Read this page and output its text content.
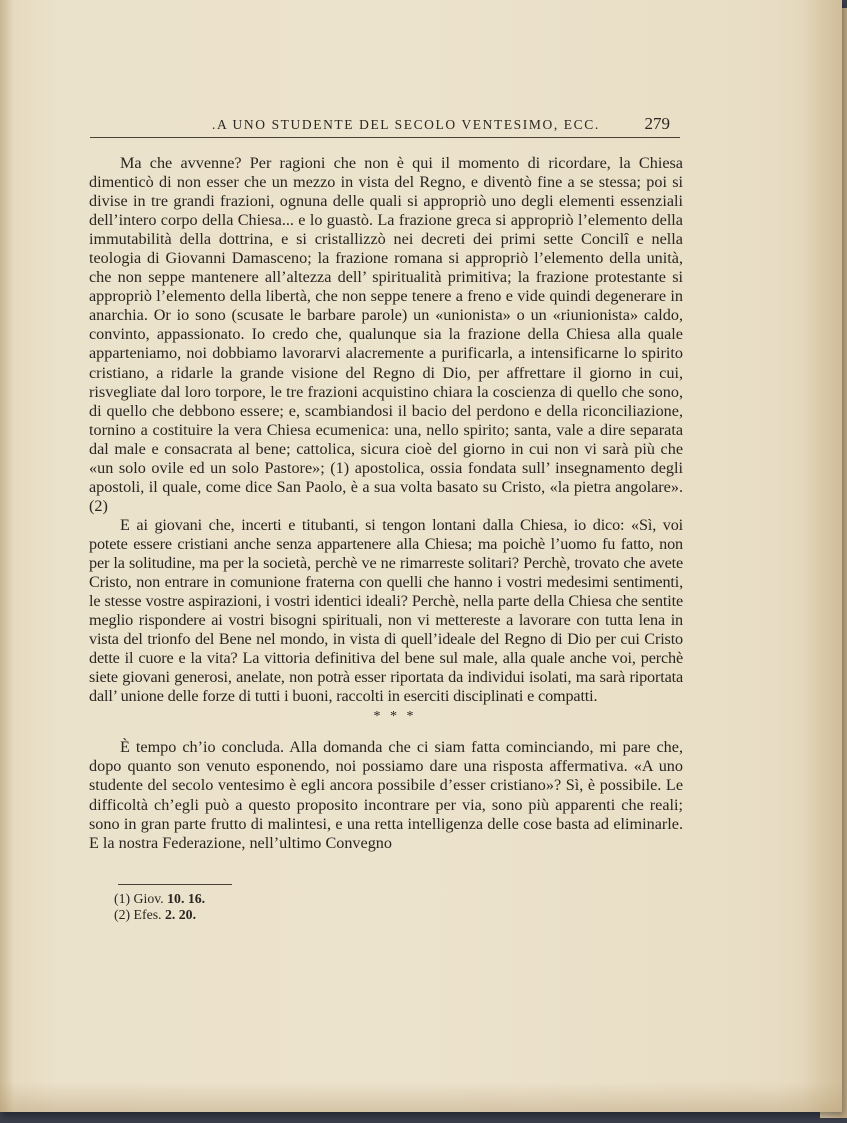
.A UNO STUDENTE DEL SECOLO VENTESIMO, ECC.	279

Ma che avvenne? Per ragioni che non è qui il momento di ricordare, la Chiesa dimenticò di non esser che un mezzo in vista del Regno, e diventò fine a se stessa; poi si divise in tre grandi frazioni, ognuna delle quali si appropriò uno degli elementi essenziali dell’intero corpo della Chiesa... e lo guastò. La frazione greca si appropriò l’elemento della immutabilità della dottrina, e si cristallizzò nei decreti dei primi sette Concilî e nella teologia di Giovanni Damasceno; la frazione romana si appropriò l’elemento della unità, che non seppe mantenere all’altezza dell’ spiritualità primitiva; la frazione protestante si appropriò l’elemento della libertà, che non seppe tenere a freno e vide quindi degenerare in anarchia. Or io sono (scusate le barbare parole) un «unionista» o un «riunionista» caldo, convinto, appassionato. Io credo che, qualunque sia la frazione della Chiesa alla quale apparteniamo, noi dobbiamo lavorarvi alacremente a purificarla, a intensificarne lo spirito cristiano, a ridarle la grande visione del Regno di Dio, per affrettare il giorno in cui, risvegliate dal loro torpore, le tre frazioni acquistino chiara la coscienza di quello che sono, di quello che debbono essere; e, scambiandosi il bacio del perdono e della riconciliazione, tornino a costituire la vera Chiesa ecumenica: una, nello spirito; santa, vale a dire separata dal male e consacrata al bene; cattolica, sicura cioè del giorno in cui non vi sarà più che «un solo ovile ed un solo Pastore»; (1) apostolica, ossia fondata sull’ insegnamento degli apostoli, il quale, come dice San Paolo, è a sua volta basato su Cristo, «la pietra angolare». (2)

E ai giovani che, incerti e titubanti, si tengon lontani dalla Chiesa, io dico: «Sì, voi potete essere cristiani anche senza appartenere alla Chiesa; ma poichè l’uomo fu fatto, non per la solitudine, ma per la società, perchè ve ne rimarreste solitari? Perchè, trovato che avete Cristo, non entrare in comunione fraterna con quelli che hanno i vostri medesimi sentimenti, le stesse vostre aspirazioni, i vostri identici ideali? Perchè, nella parte della Chiesa che sentite meglio rispondere ai vostri bisogni spirituali, non vi mettereste a lavorare con tutta lena in vista del trionfo del Bene nel mondo, in vista di quell’ideale del Regno di Dio per cui Cristo dette il cuore e la vita? La vittoria definitiva del bene sul male, alla quale anche voi, perchè siete giovani generosi, anelate, non potrà esser riportata da individui isolati, ma sarà riportata dall’ unione delle forze di tutti i buoni, raccolti in eserciti disciplinati e compatti.

* * *

È tempo ch’io concluda. Alla domanda che ci siam fatta cominciando, mi pare che, dopo quanto son venuto esponendo, noi possiamo dare una risposta affermativa. «A uno studente del secolo ventesimo è egli ancora possibile d’esser cristiano»? Sì, è possibile. Le difficoltà ch’egli può a questo proposito incontrare per via, sono più apparenti che reali; sono in gran parte frutto di malintesi, e una retta intelligenza delle cose basta ad eliminarle. E la nostra Federazione, nell’ultimo Convegno

(1) Giov. 10. 16.
(2) Efes. 2. 20.
